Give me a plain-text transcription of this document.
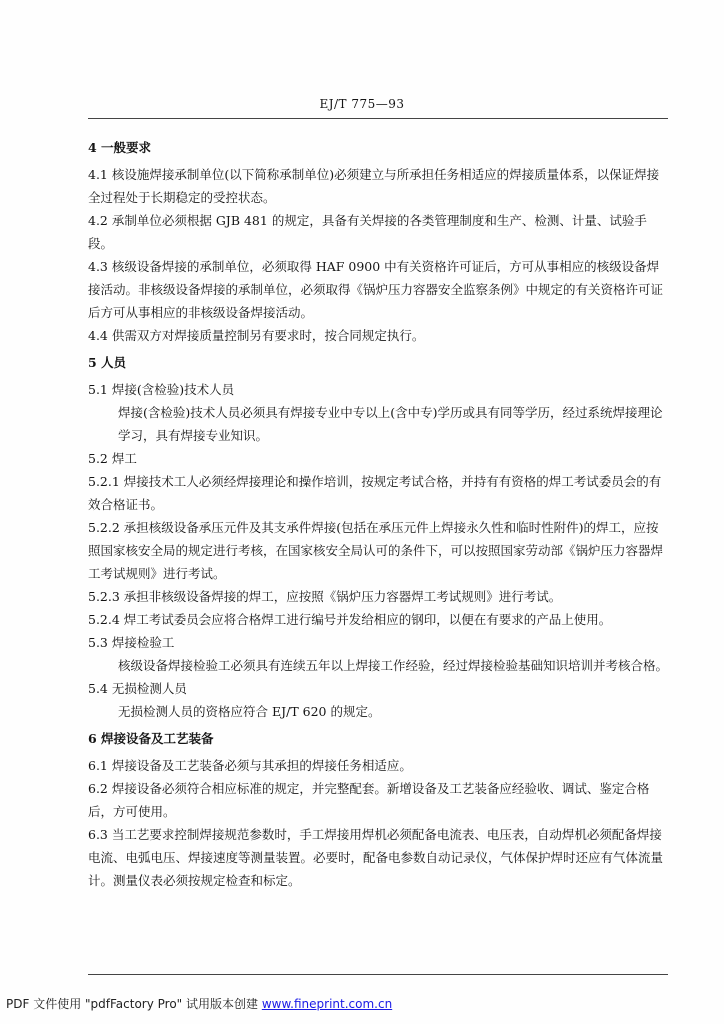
EJ/T 775—93

4 一般要求

4.1 核设施焊接承制单位(以下简称承制单位)必须建立与所承担任务相适应的焊接质量体系，以保证焊接全过程处于长期稳定的受控状态。

4.2 承制单位必须根据 GJB 481 的规定，具备有关焊接的各类管理制度和生产、检测、计量、试验手段。

4.3 核级设备焊接的承制单位，必须取得 HAF 0900 中有关资格许可证后，方可从事相应的核级设备焊接活动。非核级设备焊接的承制单位，必须取得《锅炉压力容器安全监察条例》中规定的有关资格许可证后方可从事相应的非核级设备焊接活动。

4.4 供需双方对焊接质量控制另有要求时，按合同规定执行。

5 人员

5.1 焊接(含检验)技术人员

焊接(含检验)技术人员必须具有焊接专业中专以上(含中专)学历或具有同等学历，经过系统焊接理论学习，具有焊接专业知识。

5.2 焊工

5.2.1 焊接技术工人必须经焊接理论和操作培训，按规定考试合格，并持有有资格的焊工考试委员会的有效合格证书。

5.2.2 承担核级设备承压元件及其支承件焊接(包括在承压元件上焊接永久性和临时性附件)的焊工，应按照国家核安全局的规定进行考核，在国家核安全局认可的条件下，可以按照国家劳动部《锅炉压力容器焊工考试规则》进行考试。

5.2.3 承担非核级设备焊接的焊工，应按照《锅炉压力容器焊工考试规则》进行考试。

5.2.4 焊工考试委员会应将合格焊工进行编号并发给相应的钢印，以便在有要求的产品上使用。

5.3 焊接检验工

核级设备焊接检验工必须具有连续五年以上焊接工作经验，经过焊接检验基础知识培训并考核合格。

5.4 无损检测人员

无损检测人员的资格应符合 EJ/T 620 的规定。

6 焊接设备及工艺装备

6.1 焊接设备及工艺装备必须与其承担的焊接任务相适应。

6.2 焊接设备必须符合相应标准的规定，并完整配套。新增设备及工艺装备应经验收、调试、鉴定合格后，方可使用。

6.3 当工艺要求控制焊接规范参数时，手工焊接用焊机必须配备电流表、电压表，自动焊机必须配备焊接电流、电弧电压、焊接速度等测量装置。必要时，配备电参数自动记录仪，气体保护焊时还应有气体流量计。测量仪表必须按规定检查和标定。

PDF 文件使用 "pdfFactory Pro" 试用版本创建 www.fineprint.com.cn
